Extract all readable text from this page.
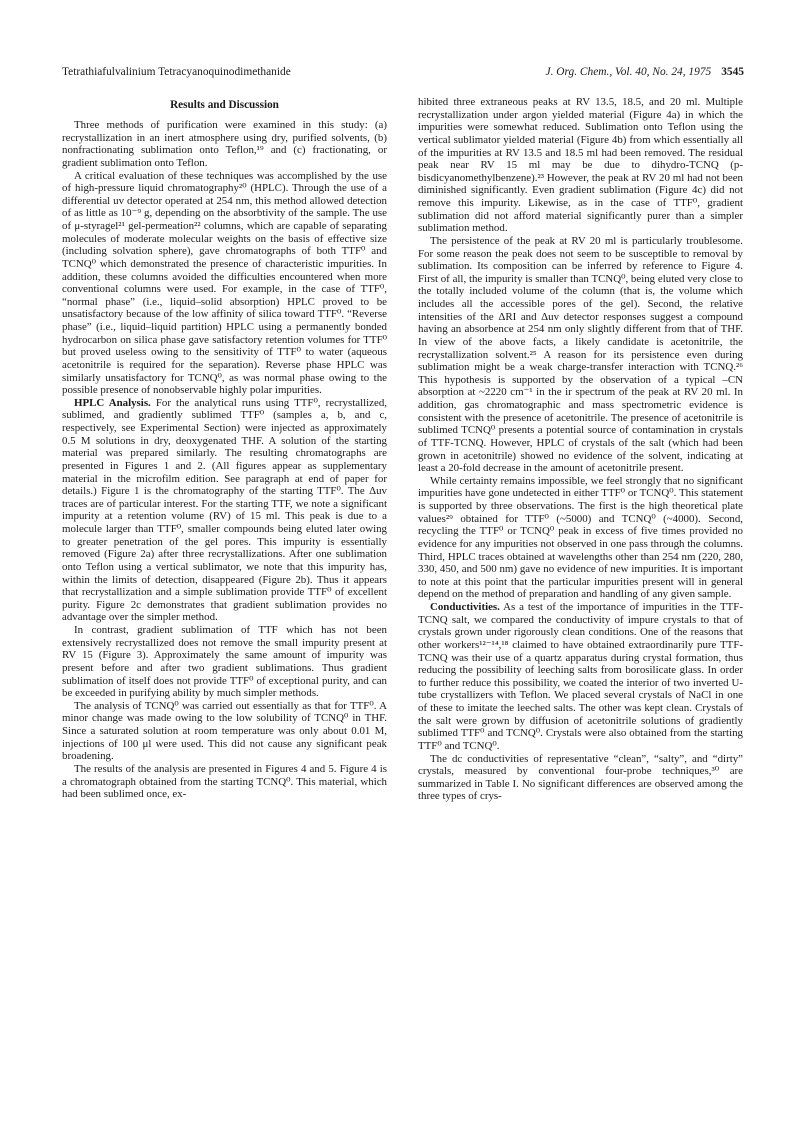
Tetrathiafulvalinium Tetracyanoquinodimethanide	J. Org. Chem., Vol. 40, No. 24, 1975 3545
Results and Discussion

Three methods of purification were examined in this study: (a) recrystallization in an inert atmosphere using dry, purified solvents, (b) nonfractionating sublimation onto Teflon,¹⁹ and (c) fractionating, or gradient sublimation onto Teflon.

A critical evaluation of these techniques was accomplished by the use of high-pressure liquid chromatography²⁰ (HPLC). Through the use of a differential uv detector operated at 254 nm, this method allowed detection of as little as 10⁻⁹ g, depending on the absorbtivity of the sample. The use of μ-styragel²¹ gel-permeation²² columns, which are capable of separating molecules of moderate molecular weights on the basis of effective size (including solvation sphere), gave chromatographs of both TTF⁰ and TCNQ⁰ which demonstrated the presence of characteristic impurities. In addition, these columns avoided the difficulties encountered when more conventional columns were used. For example, in the case of TTF⁰, “normal phase” (i.e., liquid–solid absorption) HPLC proved to be unsatisfactory because of the low affinity of silica toward TTF⁰. “Reverse phase” (i.e., liquid–liquid partition) HPLC using a permanently bonded hydrocarbon on silica phase gave satisfactory retention volumes for TTF⁰ but proved useless owing to the sensitivity of TTF⁰ to water (aqueous acetonitrile is required for the separation). Reverse phase HPLC was similarly unsatisfactory for TCNQ⁰, as was normal phase owing to the possible presence of nonobservable highly polar impurities.

HPLC Analysis. For the analytical runs using TTF⁰, recrystallized, sublimed, and gradiently sublimed TTF⁰ (samples a, b, and c, respectively, see Experimental Section) were injected as approximately 0.5 M solutions in dry, deoxygenated THF. A solution of the starting material was prepared similarly. The resulting chromatographs are presented in Figures 1 and 2. (All figures appear as supplementary material in the microfilm edition. See paragraph at end of paper for details.) Figure 1 is the chromatography of the starting TTF⁰. The Δuv traces are of particular interest. For the starting TTF, we note a significant impurity at a retention volume (RV) of 15 ml. This peak is due to a molecule larger than TTF⁰, smaller compounds being eluted later owing to greater penetration of the gel pores. This impurity is essentially removed (Figure 2a) after three recrystallizations. After one sublimation onto Teflon using a vertical sublimator, we note that this impurity has, within the limits of detection, disappeared (Figure 2b). Thus it appears that recrystallization and a simple sublimation provide TTF⁰ of excellent purity. Figure 2c demonstrates that gradient sublimation provides no advantage over the simpler method.

In contrast, gradient sublimation of TTF which has not been extensively recrystallized does not remove the small impurity present at RV 15 (Figure 3). Approximately the same amount of impurity was present before and after two gradient sublimations. Thus gradient sublimation of itself does not provide TTF⁰ of exceptional purity, and can be exceeded in purifying ability by much simpler methods.

The analysis of TCNQ⁰ was carried out essentially as that for TTF⁰. A minor change was made owing to the low solubility of TCNQ⁰ in THF. Since a saturated solution at room temperature was only about 0.01 M, injections of 100 μl were used. This did not cause any significant peak broadening.

The results of the analysis are presented in Figures 4 and 5. Figure 4 is a chromatograph obtained from the starting TCNQ⁰. This material, which had been sublimed once, ex-

hibited three extraneous peaks at RV 13.5, 18.5, and 20 ml. Multiple recrystallization under argon yielded material (Figure 4a) in which the impurities were somewhat reduced. Sublimation onto Teflon using the vertical sublimator yielded material (Figure 4b) from which essentially all of the impurities at RV 13.5 and 18.5 ml had been removed. The residual peak near RV 15 ml may be due to dihydro-TCNQ (p-bisdicyanomethylbenzene).²³ However, the peak at RV 20 ml had not been diminished significantly. Even gradient sublimation (Figure 4c) did not remove this impurity. Likewise, as in the case of TTF⁰, gradient sublimation did not afford material significantly purer than a simpler sublimation method.

The persistence of the peak at RV 20 ml is particularly troublesome. For some reason the peak does not seem to be susceptible to removal by sublimation. Its composition can be inferred by reference to Figure 4. First of all, the impurity is smaller than TCNQ⁰, being eluted very close to the totally included volume of the column (that is, the volume which includes all the accessible pores of the gel). Second, the relative intensities of the ΔRI and Δuv detector responses suggest a compound having an absorbence at 254 nm only slightly different from that of THF. In view of the above facts, a likely candidate is acetonitrile, the recrystallization solvent.²⁵ A reason for its persistence even during sublimation might be a weak charge-transfer interaction with TCNQ.²⁶ This hypothesis is supported by the observation of a typical –CN absorption at ~2220 cm⁻¹ in the ir spectrum of the peak at RV 20 ml. In addition, gas chromatographic and mass spectrometric evidence is consistent with the presence of acetonitrile. The presence of acetonitrile is sublimed TCNQ⁰ presents a potential source of contamination in crystals of TTF-TCNQ. However, HPLC of crystals of the salt (which had been grown in acetonitrile) showed no evidence of the solvent, indicating at least a 20-fold decrease in the amount of acetonitrile present.

While certainty remains impossible, we feel strongly that no significant impurities have gone undetected in either TTF⁰ or TCNQ⁰. This statement is supported by three observations. The first is the high theoretical plate values²⁹ obtained for TTF⁰ (~5000) and TCNQ⁰ (~4000). Second, recycling the TTF⁰ or TCNQ⁰ peak in excess of five times provided no evidence for any impurities not observed in one pass through the columns. Third, HPLC traces obtained at wavelengths other than 254 nm (220, 280, 330, 450, and 500 nm) gave no evidence of new impurities. It is important to note at this point that the particular impurities present will in general depend on the method of preparation and handling of any given sample.

Conductivities. As a test of the importance of impurities in the TTF-TCNQ salt, we compared the conductivity of impure crystals to that of crystals grown under rigorously clean conditions. One of the reasons that other workers¹²⁻¹⁴,¹⁸ claimed to have obtained extraordinarily pure TTF-TCNQ was their use of a quartz apparatus during crystal formation, thus reducing the possibility of leeching salts from borosilicate glass. In order to further reduce this possibility, we coated the interior of two inverted U-tube crystallizers with Teflon. We placed several crystals of NaCl in one of these to imitate the leeched salts. The other was kept clean. Crystals of the salt were grown by diffusion of acetonitrile solutions of gradiently sublimed TTF⁰ and TCNQ⁰. Crystals were also obtained from the starting TTF⁰ and TCNQ⁰.

The dc conductivities of representative “clean”, “salty”, and “dirty” crystals, measured by conventional four-probe techniques,³⁰ are summarized in Table I. No significant differences are observed among the three types of crys-
